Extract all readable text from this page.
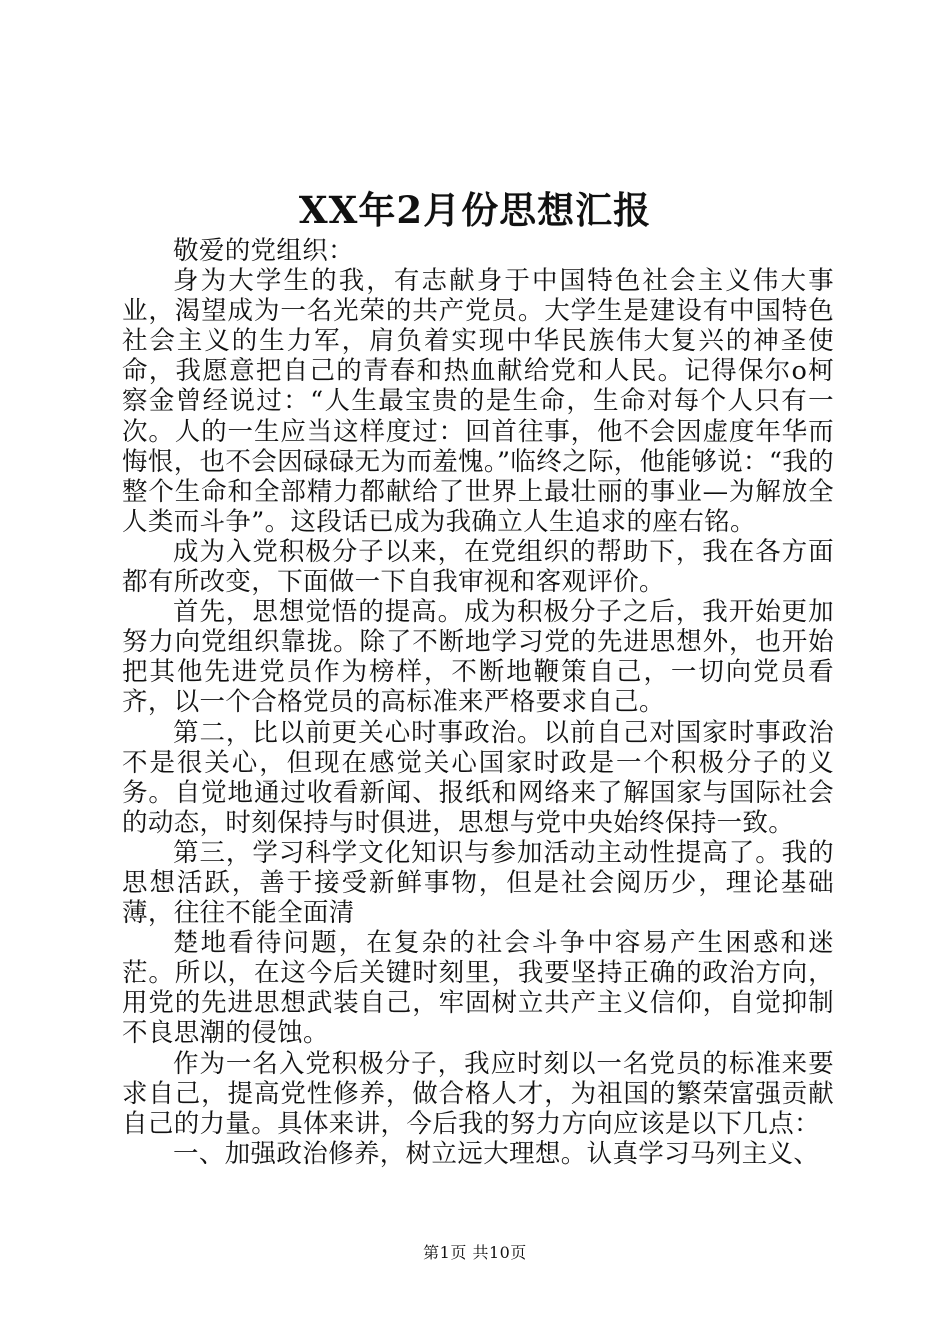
XX年2月份思想汇报

敬爱的党组织：

身为大学生的我，有志献身于中国特色社会主义伟大事业，渴望成为一名光荣的共产党员。大学生是建设有中国特色社会主义的生力军，肩负着实现中华民族伟大复兴的神圣使命，我愿意把自己的青春和热血献给党和人民。记得保尔o柯察金曾经说过：“人生最宝贵的是生命，生命对每个人只有一次。人的一生应当这样度过：回首往事，他不会因虚度年华而悔恨，也不会因碌碌无为而羞愧。”临终之际，他能够说：“我的整个生命和全部精力都献给了世界上最壮丽的事业—为解放全人类而斗争”。这段话已成为我确立人生追求的座右铭。

成为入党积极分子以来，在党组织的帮助下，我在各方面都有所改变，下面做一下自我审视和客观评价。

首先，思想觉悟的提高。成为积极分子之后，我开始更加努力向党组织靠拢。除了不断地学习党的先进思想外，也开始把其他先进党员作为榜样，不断地鞭策自己，一切向党员看齐，以一个合格党员的高标准来严格要求自己。

第二，比以前更关心时事政治。以前自己对国家时事政治不是很关心，但现在感觉关心国家时政是一个积极分子的义务。自觉地通过收看新闻、报纸和网络来了解国家与国际社会的动态，时刻保持与时俱进，思想与党中央始终保持一致。

第三，学习科学文化知识与参加活动主动性提高了。我的思想活跃，善于接受新鲜事物，但是社会阅历少，理论基础薄，往往不能全面清

楚地看待问题，在复杂的社会斗争中容易产生困惑和迷茫。所以，在这今后关键时刻里，我要坚持正确的政治方向，用党的先进思想武装自己，牢固树立共产主义信仰，自觉抑制不良思潮的侵蚀。

作为一名入党积极分子，我应时刻以一名党员的标准来要求自己，提高党性修养，做合格人才，为祖国的繁荣富强贡献自己的力量。具体来讲，今后我的努力方向应该是以下几点：

一、加强政治修养，树立远大理想。认真学习马列主义、

第1页 共10页
